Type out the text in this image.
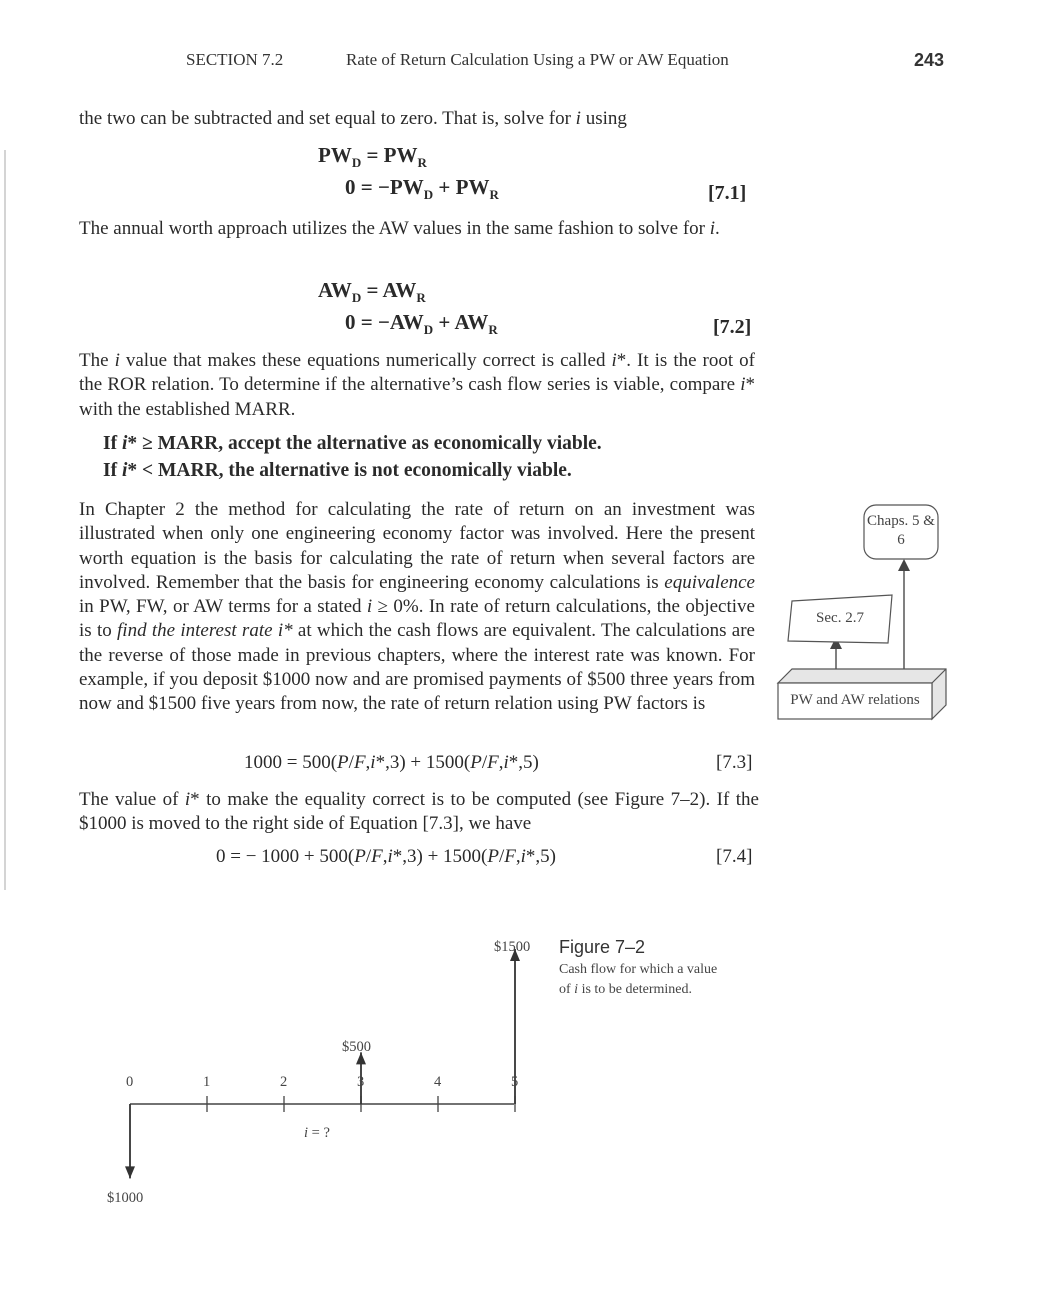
SECTION 7.2	Rate of Return Calculation Using a PW or AW Equation	243
the two can be subtracted and set equal to zero. That is, solve for i using
$PW_D = PW_R$
$0 = -PW_D + PW_R$	[7.1]
The annual worth approach utilizes the AW values in the same fashion to solve for i.
$AW_D = AW_R$
$0 = -AW_D + AW_R$	[7.2]
The i value that makes these equations numerically correct is called i*. It is the root of the ROR relation. To determine if the alternative’s cash flow series is viable, compare i* with the established MARR.
If i* ≥ MARR, accept the alternative as economically viable.
If i* < MARR, the alternative is not economically viable.
In Chapter 2 the method for calculating the rate of return on an investment was illustrated when only one engineering economy factor was involved. Here the present worth equation is the basis for calculating the rate of return when several factors are involved. Remember that the basis for engineering economy calculations is equivalence in PW, FW, or AW terms for a stated i ≥ 0%. In rate of return calculations, the objective is to find the interest rate i* at which the cash flows are equivalent. The calculations are the reverse of those made in previous chapters, where the interest rate was known. For example, if you deposit $1000 now and are promised payments of $500 three years from now and $1500 five years from now, the rate of return relation using PW factors is
1000 = 500(P/F,i*,3) + 1500(P/F,i*,5)	[7.3]
The value of i* to make the equality correct is to be computed (see Figure 7–2). If the $1000 is moved to the right side of Equation [7.3], we have
0 = − 1000 + 500(P/F,i*,3) + 1500(P/F,i*,5)	[7.4]
Chaps. 5 & 6
Sec. 2.7
PW and AW relations
0	1	2	3	4	5
i = ?
$1000
$500
$1500 Figure 7–2
Cash flow for which a value of i is to be determined.
